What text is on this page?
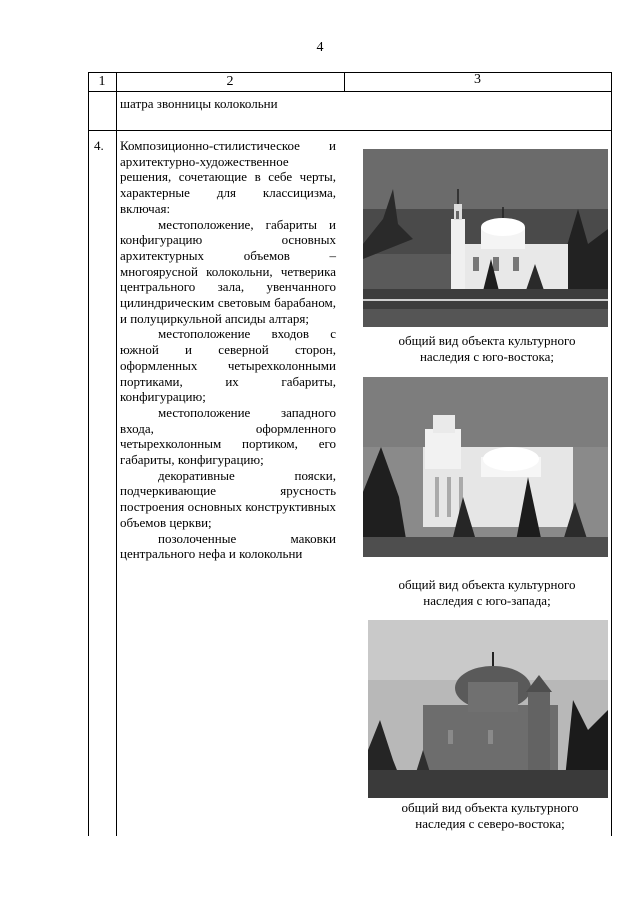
4
1	2	3
шатра звонницы колокольни
4. Композиционно-стилистическое и архитектурно-художественное решения, сочетающие в себе черты, характерные для классицизма, включая:

местоположение, габариты и конфигурацию основных архитектурных объемов – многоярусной колокольни, четверика центрального зала, увенчанного цилиндрическим световым барабаном, и полуциркульной апсиды алтаря;

местоположение входов с южной и северной сторон, оформленных четырехколонными портиками, их габариты, конфигурацию;

местоположение западного входа, оформленного четырехколонным портиком, его габариты, конфигурацию;

декоративные пояски, подчеркивающие ярусность построения основных конструктивных объемов церкви;

позолоченные маковки центрального нефа и колокольни

общий вид объекта культурного
наследия с юго-востока;
общий вид объекта культурного
наследия с юго-запада;
общий вид объекта культурного
наследия с северо-востока;
